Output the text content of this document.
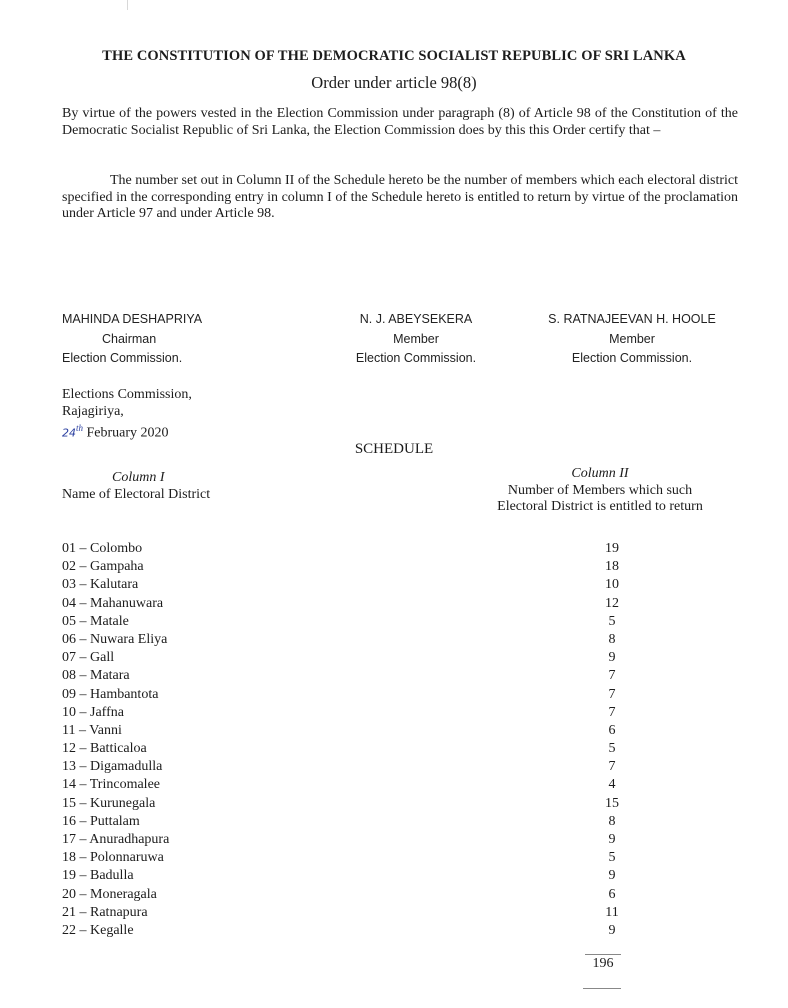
THE CONSTITUTION OF THE DEMOCRATIC SOCIALIST REPUBLIC OF SRI LANKA
Order under article 98(8)
By virtue of the powers vested in the Election Commission under paragraph (8) of Article 98 of the Constitution of the Democratic Socialist Republic of Sri Lanka, the Election Commission does by this this Order certify that –
The number set out in Column II of the Schedule hereto be the number of members which each electoral district specified in the corresponding entry in column I of the Schedule hereto is entitled to return by virtue of the proclamation under Article 97 and under Article 98.
MAHINDA DESHAPRIYA
Chairman
Election Commission.
N. J. ABEYSEKERA
Member
Election Commission.
S. RATNAJEEVAN H. HOOLE
Member
Election Commission.
Elections Commission,
Rajagiriya,
24th February 2020
SCHEDULE
Column I
Name of Electoral District
Column II
Number of Members which such
Electoral District is entitled to return
01 – Colombo	19
02 – Gampaha	18
03 – Kalutara	10
04 – Mahanuwara	12
05 – Matale	5
06 – Nuwara Eliya	8
07 – Gall	9
08 – Matara	7
09 – Hambantota	7
10 – Jaffna	7
11 – Vanni	6
12 – Batticaloa	5
13 – Digamadulla	7
14 – Trincomalee	4
15 – Kurunegala	15
16 – Puttalam	8
17 – Anuradhapura	9
18 – Polonnaruwa	5
19 – Badulla	9
20 – Moneragala	6
21 – Ratnapura	11
22 – Kegalle	9
196
